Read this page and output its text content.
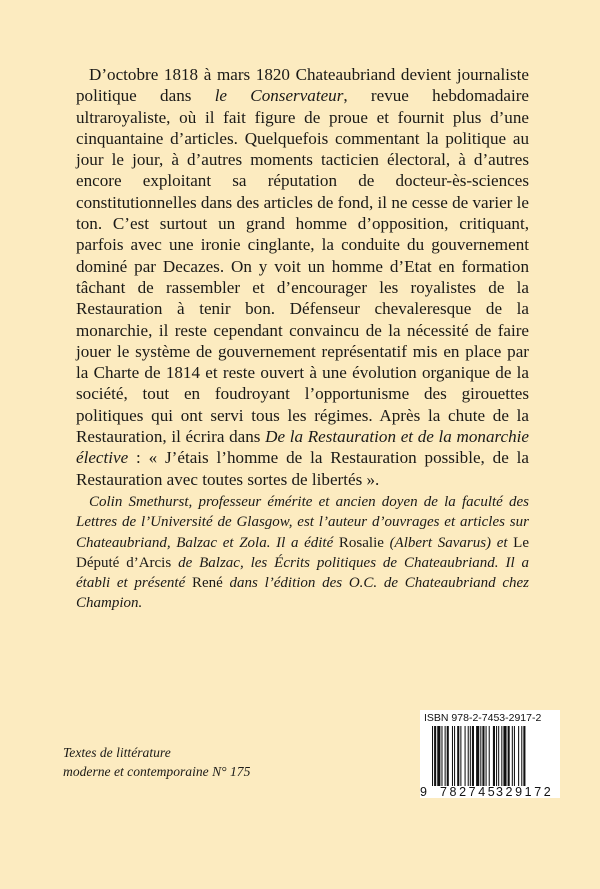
D’octobre 1818 à mars 1820 Chateaubriand devient journaliste politique dans le Conservateur, revue hebdomadaire ultraroyaliste, où il fait figure de proue et fournit plus d’une cinquantaine d’articles. Quelquefois commentant la politique au jour le jour, à d’autres moments tacticien électoral, à d’autres encore exploitant sa réputation de docteur-ès-sciences constitutionnelles dans des articles de fond, il ne cesse de varier le ton. C’est surtout un grand homme d’opposition, critiquant, parfois avec une ironie cinglante, la conduite du gouvernement dominé par Decazes. On y voit un homme d’Etat en formation tâchant de rassembler et d’encourager les royalistes de la Restauration à tenir bon. Défenseur chevaleresque de la monarchie, il reste cependant convaincu de la nécessité de faire jouer le système de gouvernement représentatif mis en place par la Charte de 1814 et reste ouvert à une évolution organique de la société, tout en foudroyant l’opportunisme des girouettes politiques qui ont servi tous les régimes. Après la chute de la Restauration, il écrira dans De la Restauration et de la monarchie élective : « J’étais l’homme de la Restauration possible, de la Restauration avec toutes sortes de libertés ».
Colin Smethurst, professeur émérite et ancien doyen de la faculté des Lettres de l’Université de Glasgow, est l’auteur d’ouvrages et articles sur Chateaubriand, Balzac et Zola. Il a édité Rosalie (Albert Savarus) et Le Député d’Arcis de Balzac, les Écrits politiques de Chateaubriand. Il a établi et présenté René dans l’édition des O.C. de Chateaubriand chez Champion.
Textes de littérature
moderne et contemporaine N° 175
ISBN 978-2-7453-2917-2
9 782745
329172
